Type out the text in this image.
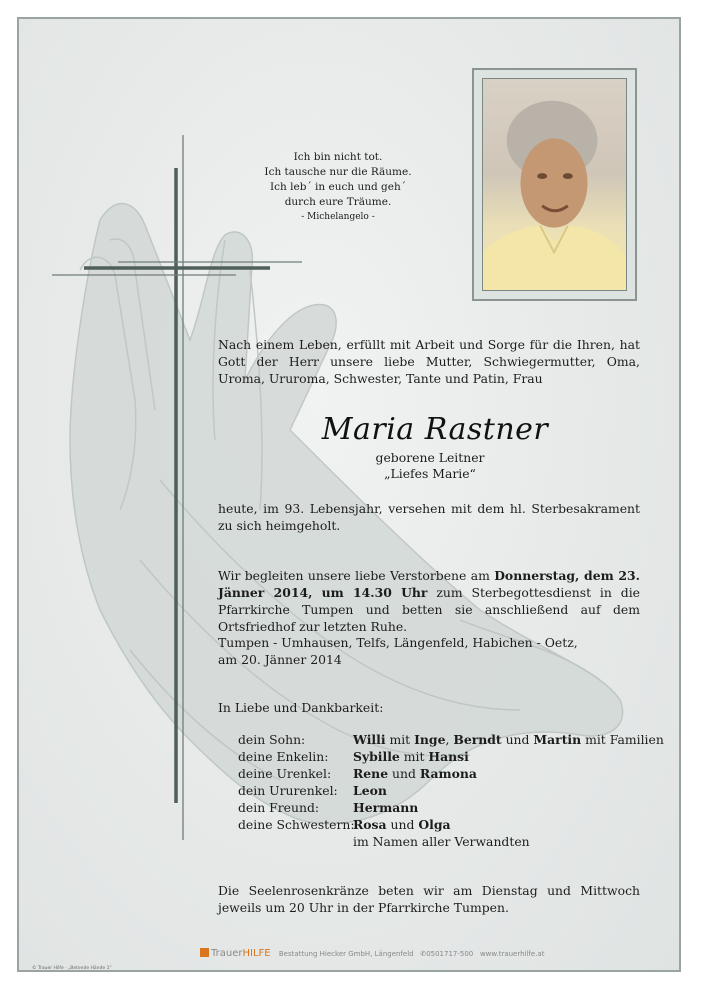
Ich bin nicht tot.
Ich tausche nur die Räume.
Ich leb´ in euch und geh´
durch eure Träume.
- Michelangelo -
Nach einem Leben, erfüllt mit Arbeit und Sorge für die Ihren, hat Gott der Herr unsere liebe Mutter, Schwiegermutter, Oma, Uroma, Ururoma, Schwester, Tante und Patin, Frau
Maria Rastner
geborene Leitner
„Liefes Marie“
heute, im 93. Lebensjahr, versehen mit dem hl. Sterbesakrament zu sich heimgeholt.
Wir begleiten unsere liebe Verstorbene am Donnerstag, dem 23. Jänner 2014, um 14.30 Uhr zum Sterbegottesdienst in die Pfarrkirche Tumpen und betten sie anschließend auf dem Ortsfriedhof zur letzten Ruhe.
Tumpen - Umhausen, Telfs, Längenfeld, Habichen - Oetz,
am 20. Jänner 2014
In Liebe und Dankbarkeit:
dein Sohn:	Willi mit Inge, Berndt und Martin mit Familien
deine Enkelin: Sybille mit Hansi
deine Urenkel: Rene und Ramona
dein Ururenkel: Leon
dein Freund:	Hermann
deine Schwestern:
Rosa und Olga
im Namen aller Verwandten
Die Seelenrosenkränze beten wir am Dienstag und Mittwoch jeweils um 20 Uhr in der Pfarrkirche Tumpen.
TrauerHILFE Bestattung Hiecker GmbH, Längenfeld ✆0501717-500 www.trauerhilfe.at
© Trauer Hilfe · „Betende Hände 1“
